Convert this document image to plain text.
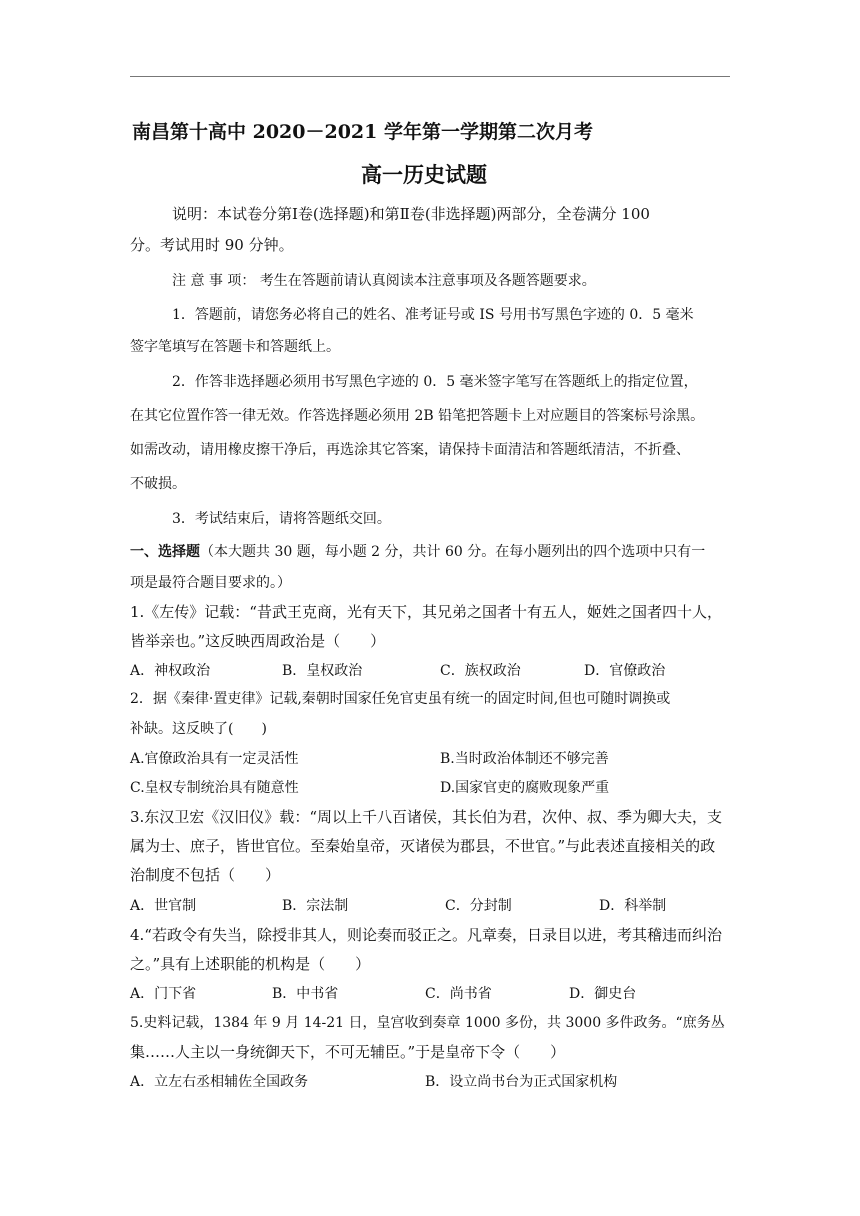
南昌第十高中 2020－2021 学年第一学期第二次月考
高一历史试题
说明：本试卷分第Ⅰ卷(选择题)和第Ⅱ卷(非选择题)两部分，全卷满分 100
分。考试用时 90 分钟。
注 意 事 项： 考生在答题前请认真阅读本注意事项及各题答题要求。
1．答题前，请您务必将自己的姓名、准考证号或 IS 号用书写黑色字迹的 0．5 毫米
签字笔填写在答题卡和答题纸上。
2．作答非选择题必须用书写黑色字迹的 0．5 毫米签字笔写在答题纸上的指定位置，
在其它位置作答一律无效。作答选择题必须用 2B 铅笔把答题卡上对应题目的答案标号涂黑。
如需改动，请用橡皮擦干净后，再选涂其它答案，请保持卡面清洁和答题纸清洁，不折叠、
不破损。
3．考试结束后，请将答题纸交回。
一、选择题（本大题共 30 题，每小题 2 分，共计 60 分。在每小题列出的四个选项中只有一
项是最符合题目要求的。）
1.《左传》记载：“昔武王克商，光有天下，其兄弟之国者十有五人，姬姓之国者四十人，
皆举亲也。”这反映西周政治是（　　）
A．神权政治	B．皇权政治	C．族权政治	D．官僚政治
2．据《秦律·置吏律》记载,秦朝时国家任免官吏虽有统一的固定时间,但也可随时调换或
补缺。这反映了(　　)
A.官僚政治具有一定灵活性	B.当时政治体制还不够完善
C.皇权专制统治具有随意性	D.国家官吏的腐败现象严重
3.东汉卫宏《汉旧仪》载：“周以上千八百诸侯，其长伯为君，次仲、叔、季为卿大夫，支
属为士、庶子，皆世官位。至秦始皇帝，灭诸侯为郡县，不世官。”与此表述直接相关的政
治制度不包括（　　）
A．世官制	B．宗法制	C．分封制	D．科举制
4.“若政令有失当，除授非其人，则论奏而驳正之。凡章奏，日录目以进，考其稽违而纠治
之。”具有上述职能的机构是（　　）
A．门下省	B．中书省	C．尚书省	D．御史台
5.史料记载，1384 年 9 月 14-21 日，皇宫收到奏章 1000 多份，共 3000 多件政务。“庶务丛
集……人主以一身统御天下，不可无辅臣。”于是皇帝下令（　　）
A．立左右丞相辅佐全国政务	B．设立尚书台为正式国家机构
